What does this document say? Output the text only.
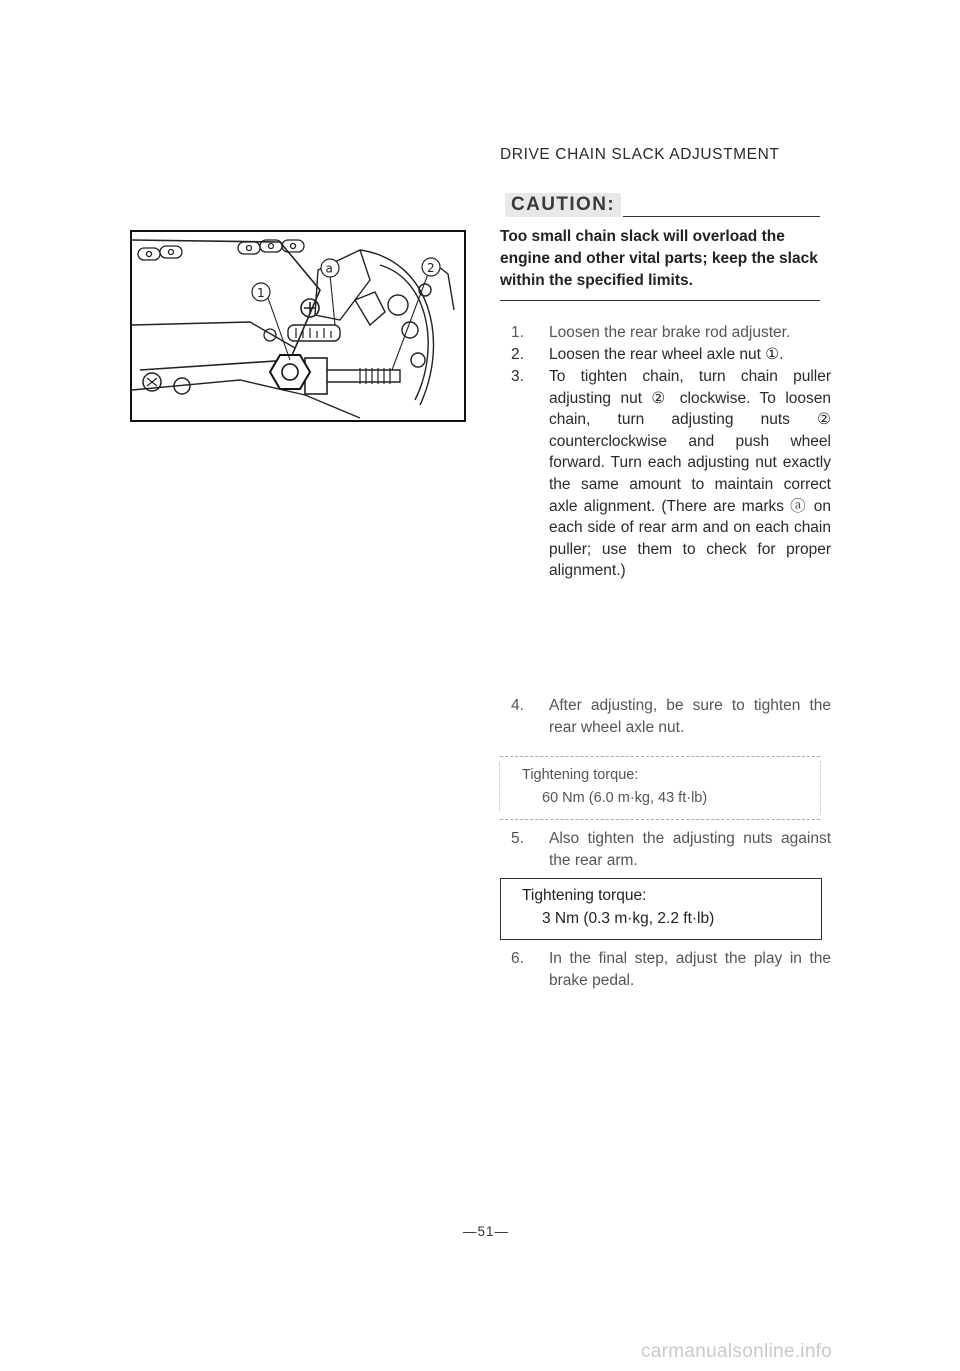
DRIVE CHAIN SLACK ADJUSTMENT
CAUTION:
Too small chain slack will overload the engine and other vital parts; keep the slack within the specified limits.
1
a	2
1.	Loosen the rear brake rod adjuster.
2.	Loosen the rear wheel axle nut ①.
3.	To tighten chain, turn chain puller adjusting nut ② clockwise. To loosen chain, turn adjusting nuts ② counterclockwise and push wheel forward. Turn each adjusting nut exactly the same amount to maintain correct axle alignment. (There are marks ⓐ on each side of rear arm and on each chain puller; use them to check for proper alignment.)
4.	After adjusting, be sure to tighten the rear wheel axle nut.
Tightening torque:
60 Nm (6.0 m·kg, 43 ft·lb)
5.	Also tighten the adjusting nuts against the rear arm.
Tightening torque:
3 Nm (0.3 m·kg, 2.2 ft·lb)
6.	In the final step, adjust the play in the brake pedal.
—51—
carmanualsonline.info
